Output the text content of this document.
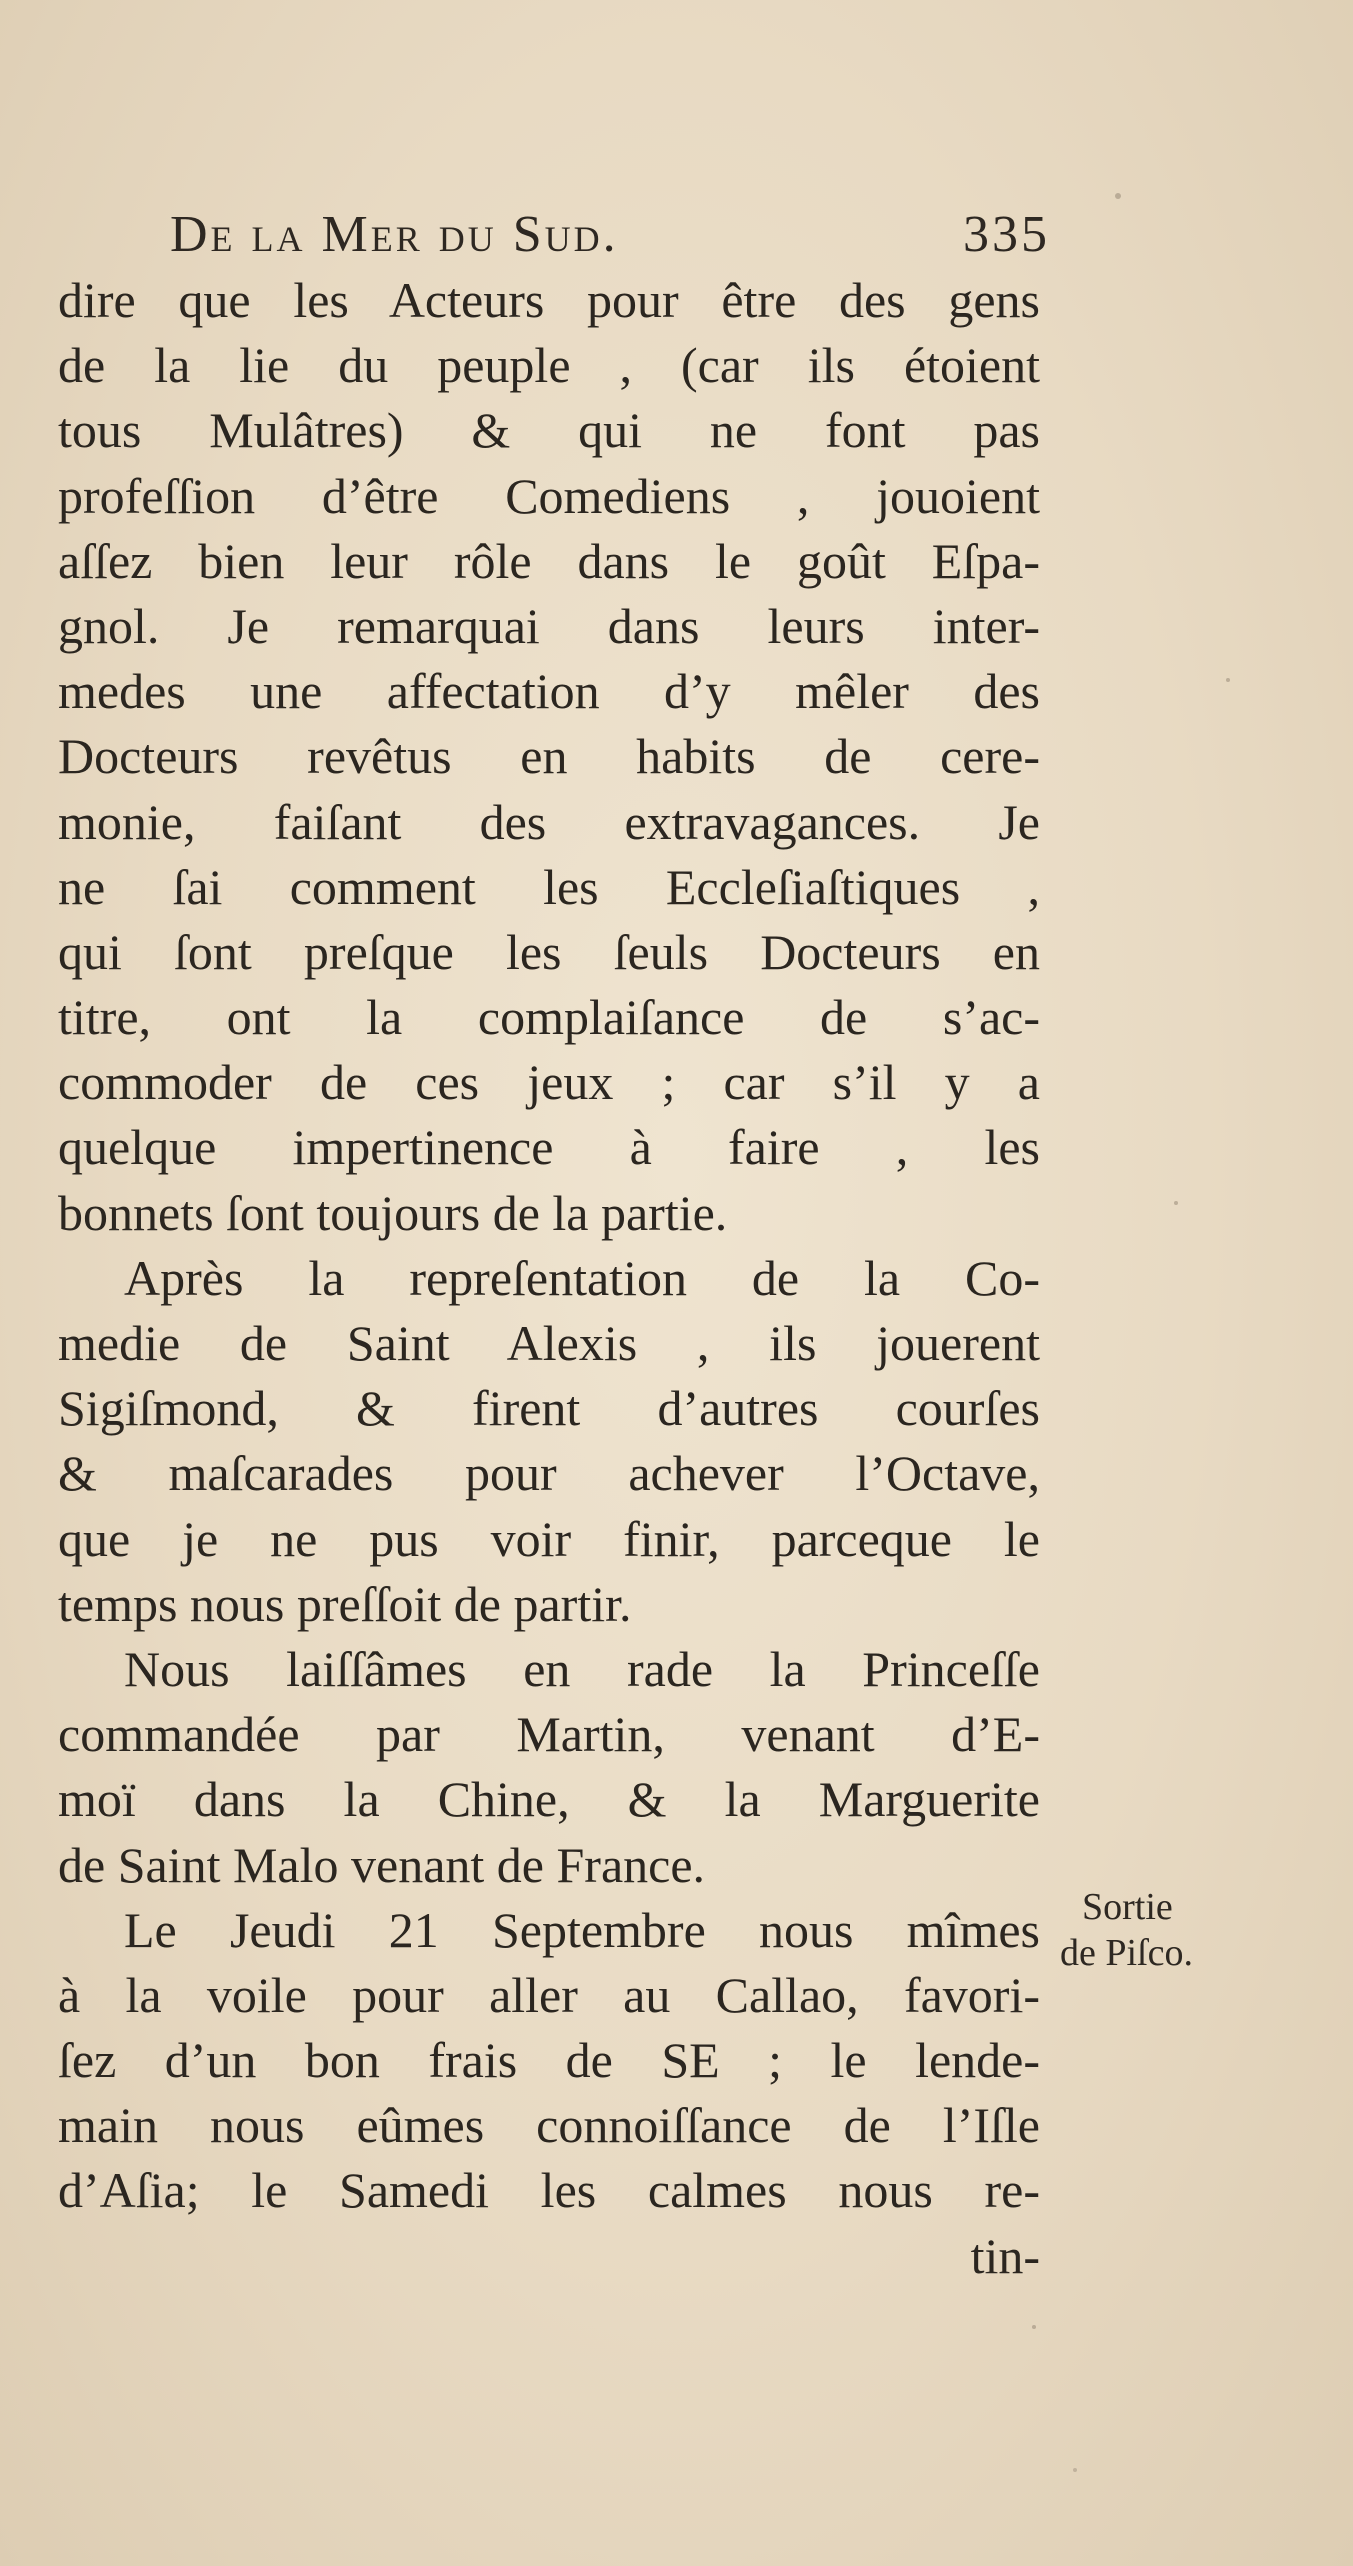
De la Mer du Sud.	335
dire que les Acteurs pour être des gens
de la lie du peuple , (car ils étoient
tous Mulâtres) & qui ne font pas
profeſſion d’être Comediens , jouoient
aſſez bien leur rôle dans le goût Eſpa-
gnol. Je remarquai dans leurs inter-
medes une affectation d’y mêler des
Docteurs revêtus en habits de cere-
monie, faiſant des extravagances. Je
ne ſai comment les Eccleſiaſtiques ,
qui ſont preſque les ſeuls Docteurs en
titre, ont la complaiſance de s’ac-
commoder de ces jeux ; car s’il y a
quelque impertinence à faire , les
bonnets ſont toujours de la partie.
Après la repreſentation de la Co-
medie de Saint Alexis , ils jouerent
Sigiſmond, & firent d’autres courſes
& maſcarades pour achever l’Octave,
que je ne pus voir finir, parceque le
temps nous preſſoit de partir.
Nous laiſſâmes en rade la Princeſſe
commandée par Martin, venant d’E-
moï dans la Chine, & la Marguerite
de Saint Malo venant de France.
Le Jeudi 21 Septembre nous mîmes
à la voile pour aller au Callao, favori-
ſez d’un bon frais de SE ; le lende-
main nous eûmes connoiſſance de l’Iſle
d’Aſia; le Samedi les calmes nous re-
tin-
Sortie
de Piſco.
